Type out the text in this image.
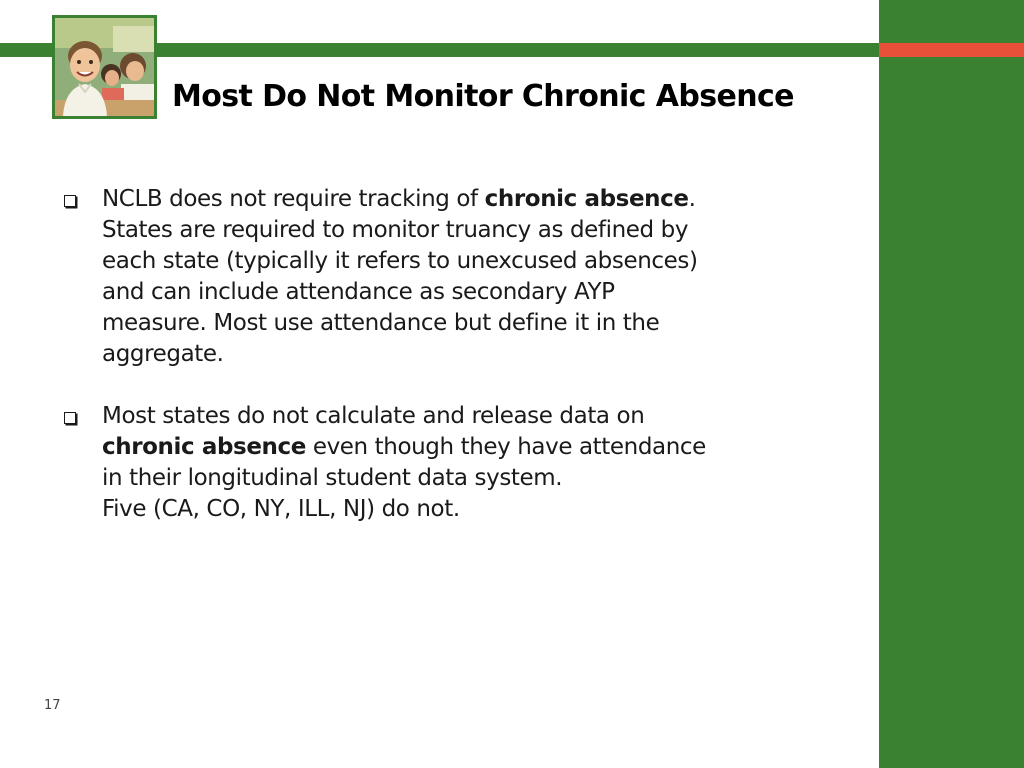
Most Do Not Monitor Chronic Absence
NCLB does not require tracking of chronic absence.
States are required to monitor truancy as defined by
each state (typically it refers to unexcused absences)
and can include attendance as secondary AYP
measure. Most use attendance but define it in the
aggregate.
Most states do not calculate and release data on
chronic absence even though they have attendance
in their longitudinal student data system.
Five (CA, CO, NY, ILL, NJ) do not.
17
